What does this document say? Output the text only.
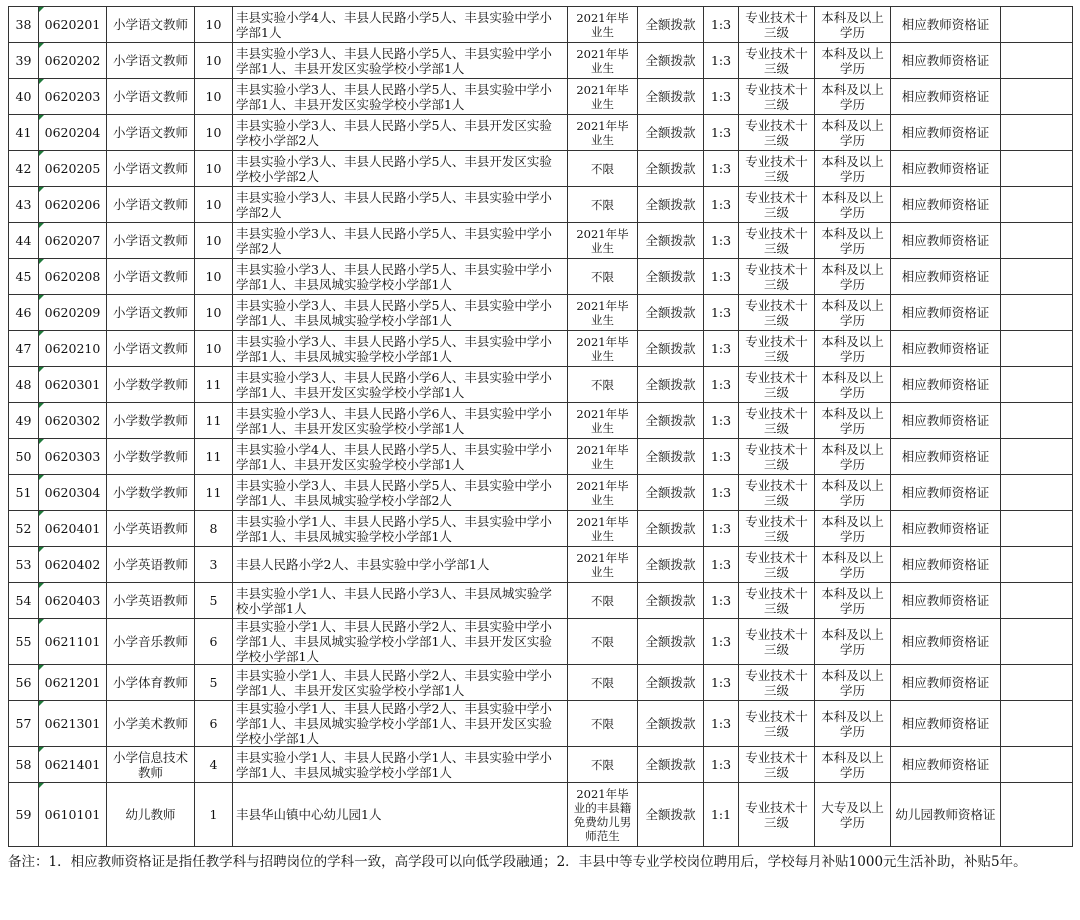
38	0620201	小学语文教师	10	丰县实验小学4人、丰县人民路小学5人、丰县实验中学小学部1人	2021年毕业生	全额拨款	1:3	专业技术十三级	本科及以上学历	相应教师资格证	
39	0620202	小学语文教师	10	丰县实验小学3人、丰县人民路小学5人、丰县实验中学小学部1人、丰县开发区实验学校小学部1人	2021年毕业生	全额拨款	1:3	专业技术十三级	本科及以上学历	相应教师资格证	
40	0620203	小学语文教师	10	丰县实验小学3人、丰县人民路小学5人、丰县实验中学小学部1人、丰县开发区实验学校小学部1人	2021年毕业生	全额拨款	1:3	专业技术十三级	本科及以上学历	相应教师资格证	
41	0620204	小学语文教师	10	丰县实验小学3人、丰县人民路小学5人、丰县开发区实验学校小学部2人	2021年毕业生	全额拨款	1:3	专业技术十三级	本科及以上学历	相应教师资格证	
42	0620205	小学语文教师	10	丰县实验小学3人、丰县人民路小学5人、丰县开发区实验学校小学部2人	不限	全额拨款	1:3	专业技术十三级	本科及以上学历	相应教师资格证	
43	0620206	小学语文教师	10	丰县实验小学3人、丰县人民路小学5人、丰县实验中学小学部2人	不限	全额拨款	1:3	专业技术十三级	本科及以上学历	相应教师资格证	
44	0620207	小学语文教师	10	丰县实验小学3人、丰县人民路小学5人、丰县实验中学小学部2人	2021年毕业生	全额拨款	1:3	专业技术十三级	本科及以上学历	相应教师资格证	
45	0620208	小学语文教师	10	丰县实验小学3人、丰县人民路小学5人、丰县实验中学小学部1人、丰县凤城实验学校小学部1人	不限	全额拨款	1:3	专业技术十三级	本科及以上学历	相应教师资格证	
46	0620209	小学语文教师	10	丰县实验小学3人、丰县人民路小学5人、丰县实验中学小学部1人、丰县凤城实验学校小学部1人	2021年毕业生	全额拨款	1:3	专业技术十三级	本科及以上学历	相应教师资格证	
47	0620210	小学语文教师	10	丰县实验小学3人、丰县人民路小学5人、丰县实验中学小学部1人、丰县凤城实验学校小学部1人	2021年毕业生	全额拨款	1:3	专业技术十三级	本科及以上学历	相应教师资格证	
48	0620301	小学数学教师	11	丰县实验小学3人、丰县人民路小学6人、丰县实验中学小学部1人、丰县开发区实验学校小学部1人	不限	全额拨款	1:3	专业技术十三级	本科及以上学历	相应教师资格证	
49	0620302	小学数学教师	11	丰县实验小学3人、丰县人民路小学6人、丰县实验中学小学部1人、丰县开发区实验学校小学部1人	2021年毕业生	全额拨款	1:3	专业技术十三级	本科及以上学历	相应教师资格证	
50	0620303	小学数学教师	11	丰县实验小学4人、丰县人民路小学5人、丰县实验中学小学部1人、丰县开发区实验学校小学部1人	2021年毕业生	全额拨款	1:3	专业技术十三级	本科及以上学历	相应教师资格证	
51	0620304	小学数学教师	11	丰县实验小学3人、丰县人民路小学5人、丰县实验中学小学部1人、丰县凤城实验学校小学部2人	2021年毕业生	全额拨款	1:3	专业技术十三级	本科及以上学历	相应教师资格证	
52	0620401	小学英语教师	8	丰县实验小学1人、丰县人民路小学5人、丰县实验中学小学部1人、丰县凤城实验学校小学部1人	2021年毕业生	全额拨款	1:3	专业技术十三级	本科及以上学历	相应教师资格证	
53	0620402	小学英语教师	3	丰县人民路小学2人、丰县实验中学小学部1人	2021年毕业生	全额拨款	1:3	专业技术十三级	本科及以上学历	相应教师资格证	
54	0620403	小学英语教师	5	丰县实验小学1人、丰县人民路小学3人、丰县凤城实验学校小学部1人	不限	全额拨款	1:3	专业技术十三级	本科及以上学历	相应教师资格证	
55	0621101	小学音乐教师	6	丰县实验小学1人、丰县人民路小学2人、丰县实验中学小学部1人、丰县凤城实验学校小学部1人、丰县开发区实验学校小学部1人	不限	全额拨款	1:3	专业技术十三级	本科及以上学历	相应教师资格证	
56	0621201	小学体育教师	5	丰县实验小学1人、丰县人民路小学2人、丰县实验中学小学部1人、丰县开发区实验学校小学部1人	不限	全额拨款	1:3	专业技术十三级	本科及以上学历	相应教师资格证	
57	0621301	小学美术教师	6	丰县实验小学1人、丰县人民路小学2人、丰县实验中学小学部1人、丰县凤城实验学校小学部1人、丰县开发区实验学校小学部1人	不限	全额拨款	1:3	专业技术十三级	本科及以上学历	相应教师资格证	
58	0621401	小学信息技术教师	4	丰县实验小学1人、丰县人民路小学1人、丰县实验中学小学部1人、丰县凤城实验学校小学部1人	不限	全额拨款	1:3	专业技术十三级	本科及以上学历	相应教师资格证	
59	0610101	幼儿教师	1	丰县华山镇中心幼儿园1人	2021年毕业的丰县籍免费幼儿男师范生	全额拨款	1:1	专业技术十三级	大专及以上学历	幼儿园教师资格证	
备注：1．相应教师资格证是指任教学科与招聘岗位的学科一致，高学段可以向低学段融通；2．丰县中等专业学校岗位聘用后，学校每月补贴1000元生活补助，补贴5年。
